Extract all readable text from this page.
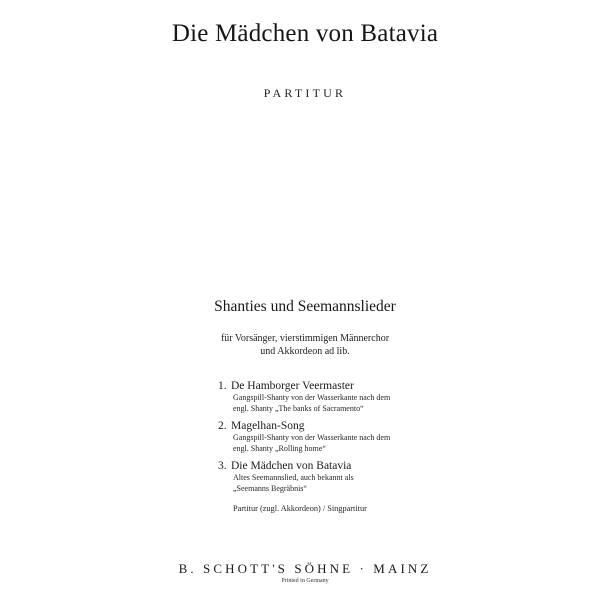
Die Mädchen von Batavia
PARTITUR
Shanties und Seemannslieder
für Vorsänger, vierstimmigen Männerchor
und Akkordeon ad lib.
1. De Hamborger Veermaster
Gangspill-Shanty von der Wasserkante nach dem
engl. Shanty „The banks of Sacramento“
2. Magelhan-Song
Gangspill-Shanty von der Wasserkante nach dem
engl. Shanty „Rolling home“
3. Die Mädchen von Batavia
Altes Seemannslied, auch bekannt als
„Seemanns Begräbnis“
Partitur (zugl. Akkordeon) / Singpartitur
B. SCHOTT'S SÖHNE · MAINZ
Printed in Germany
